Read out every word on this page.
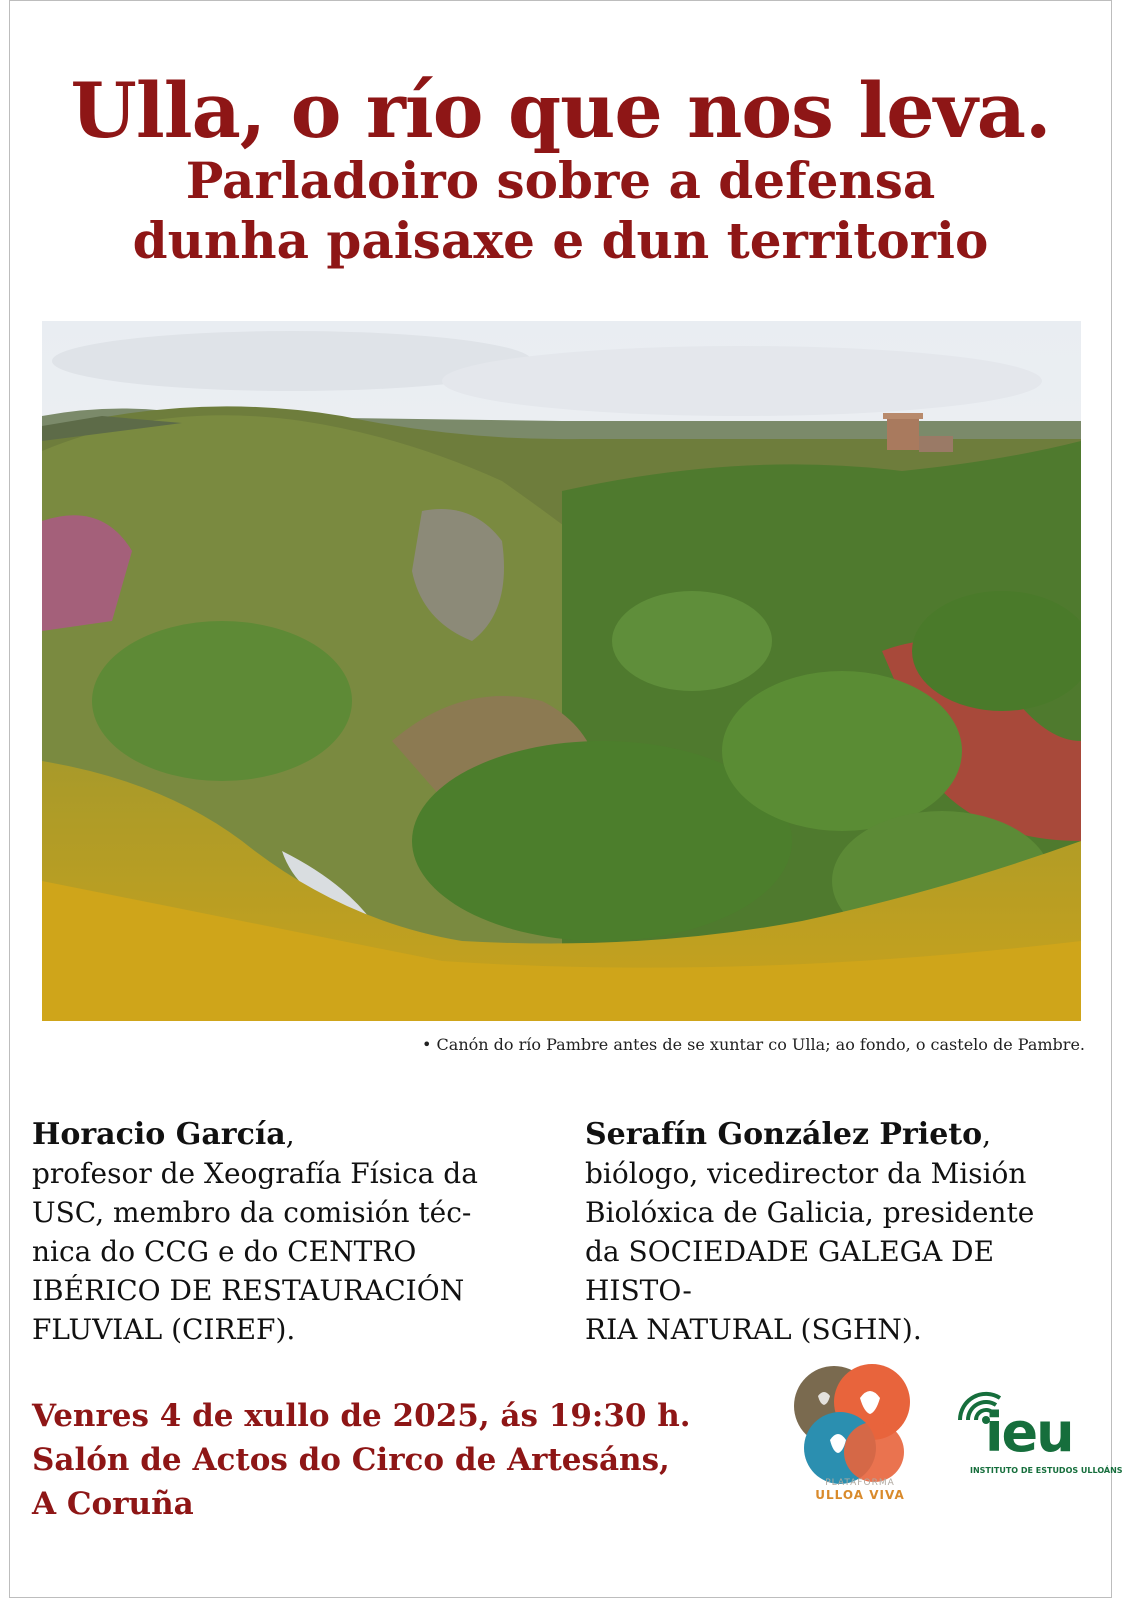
Ulla, o río que nos leva.
Parladoiro sobre a defensa
dunha paisaxe e dun territorio
• Canón do río Pambre antes de se xuntar co Ulla; ao fondo, o castelo de Pambre.
Horacio García,
profesor de Xeografía Física da
USC, membro da comisión téc-
nica do CCG e do CENTRO
IBÉRICO DE RESTAURACIÓN
FLUVIAL (CIREF).
Serafín González Prieto,
biólogo, vicedirector da Misión
Biolóxica de Galicia, presidente
da SOCIEDADE GALEGA DE HISTO-
RIA NATURAL (SGHN).
Venres 4 de xullo de 2025, ás 19:30 h.
Salón de Actos do Circo de Artesáns,
A Coruña
PLATAFORMA
ULLOA VIVA
ieu
INSTITUTO DE ESTUDOS ULLOÁNS
